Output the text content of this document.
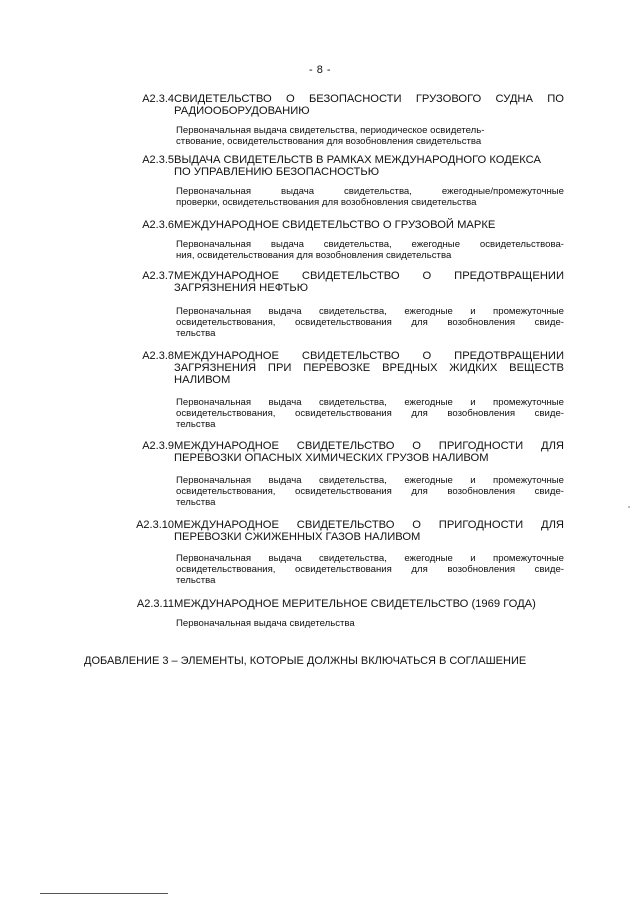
- 8 -
A2.3.4 СВИДЕТЕЛЬСТВО О БЕЗОПАСНОСТИ ГРУЗОВОГО СУДНА ПО
РАДИООБОРУДОВАНИЮ
Первоначальная выдача свидетельства, периодическое освидетель-
ствование, освидетельствования для возобновления свидетельства
A2.3.5 ВЫДАЧА СВИДЕТЕЛЬСТВ В РАМКАХ МЕЖДУНАРОДНОГО КОДЕКСА
ПО УПРАВЛЕНИЮ БЕЗОПАСНОСТЬЮ
Первоначальная выдача свидетельства, ежегодные/промежуточные
проверки, освидетельствования для возобновления свидетельства
A2.3.6 МЕЖДУНАРОДНОЕ СВИДЕТЕЛЬСТВО О ГРУЗОВОЙ МАРКЕ
Первоначальная выдача свидетельства, ежегодные освидетельствова-
ния, освидетельствования для возобновления свидетельства
A2.3.7 МЕЖДУНАРОДНОЕ СВИДЕТЕЛЬСТВО О ПРЕДОТВРАЩЕНИИ
ЗАГРЯЗНЕНИЯ НЕФТЬЮ
Первоначальная выдача свидетельства, ежегодные и промежуточные
освидетельствования, освидетельствования для возобновления свиде-
тельства
A2.3.8 МЕЖДУНАРОДНОЕ СВИДЕТЕЛЬСТВО О ПРЕДОТВРАЩЕНИИ
ЗАГРЯЗНЕНИЯ ПРИ ПЕРЕВОЗКЕ ВРЕДНЫХ ЖИДКИХ ВЕЩЕСТВ
НАЛИВОМ
Первоначальная выдача свидетельства, ежегодные и промежуточные
освидетельствования, освидетельствования для возобновления свиде-
тельства
A2.3.9 МЕЖДУНАРОДНОЕ СВИДЕТЕЛЬСТВО О ПРИГОДНОСТИ ДЛЯ
ПЕРЕВОЗКИ ОПАСНЫХ ХИМИЧЕСКИХ ГРУЗОВ НАЛИВОМ
Первоначальная выдача свидетельства, ежегодные и промежуточные
освидетельствования, освидетельствования для возобновления свиде-
тельства
A2.3.10 МЕЖДУНАРОДНОЕ СВИДЕТЕЛЬСТВО О ПРИГОДНОСТИ ДЛЯ
ПЕРЕВОЗКИ СЖИЖЕННЫХ ГАЗОВ НАЛИВОМ
Первоначальная выдача свидетельства, ежегодные и промежуточные
освидетельствования, освидетельствования для возобновления свиде-
тельства
A2.3.11 МЕЖДУНАРОДНОЕ МЕРИТЕЛЬНОЕ СВИДЕТЕЛЬСТВО (1969 ГОДА)
Первоначальная выдача свидетельства
ДОБАВЛЕНИЕ 3 – ЭЛЕМЕНТЫ, КОТОРЫЕ ДОЛЖНЫ ВКЛЮЧАТЬСЯ В СОГЛАШЕНИЕ
